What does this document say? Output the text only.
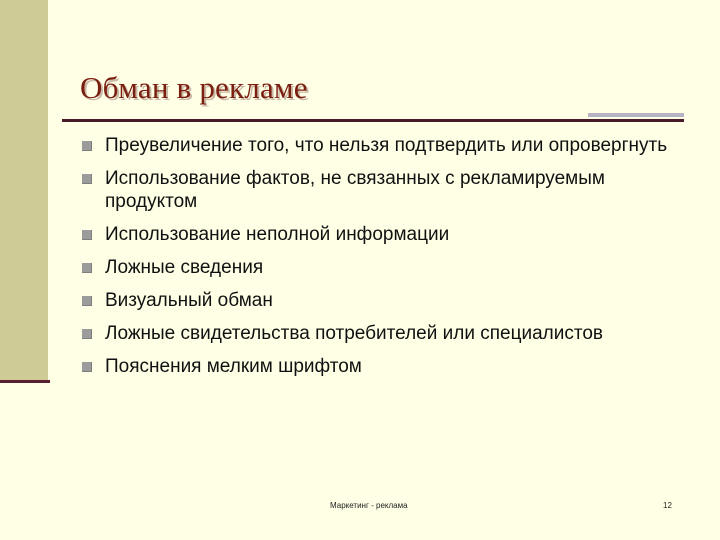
Обман в рекламе
Преувеличение того, что нельзя подтвердить или опровергнуть
Использование фактов, не связанных с рекламируемым продуктом
Использование неполной информации
Ложные сведения
Визуальный обман
Ложные свидетельства потребителей или специалистов
Пояснения мелким шрифтом
Маркетинг - реклама	12
